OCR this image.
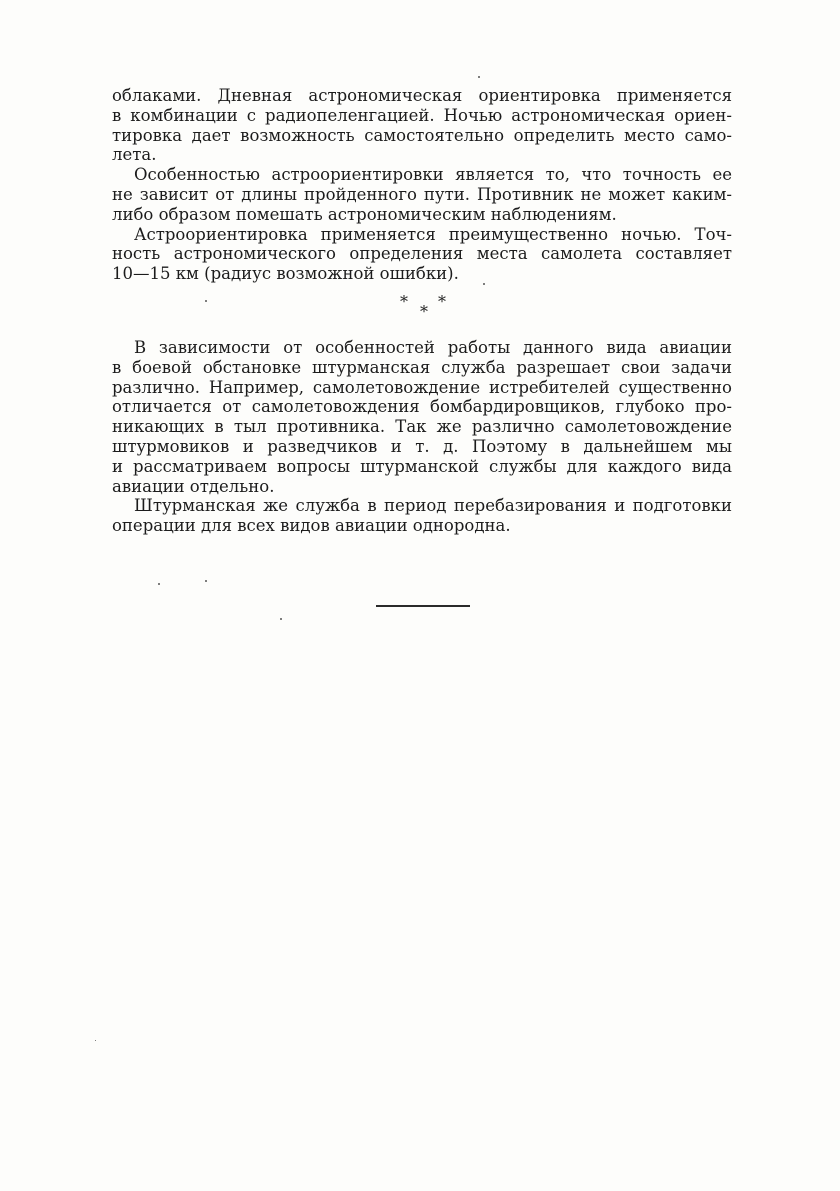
облаками. Дневная астрономическая ориентировка применяется
в комбинации с радиопеленгацией. Ночью астрономическая ориен-
тировка дает возможность самостоятельно определить место само-
лета.
Особенностью астроориентировки является то, что точность ее
не зависит от длины пройденного пути. Противник не может каким-
либо образом помешать астрономическим наблюдениям.
Астроориентировка применяется преимущественно ночью. Точ-
ность астрономического определения места самолета составляет
10—15 км (радиус возможной ошибки).
*
*
*
В зависимости от особенностей работы данного вида авиации
в боевой обстановке штурманская служба разрешает свои задачи
различно. Например, самолетовождение истребителей существенно
отличается от самолетовождения бомбардировщиков, глубоко про-
никающих в тыл противника. Так же различно самолетовождение
штурмовиков и разведчиков и т. д. Поэтому в дальнейшем мы
и рассматриваем вопросы штурманской службы для каждого вида
авиации отдельно.
Штурманская же служба в период перебазирования и подготовки
операции для всех видов авиации однородна.
